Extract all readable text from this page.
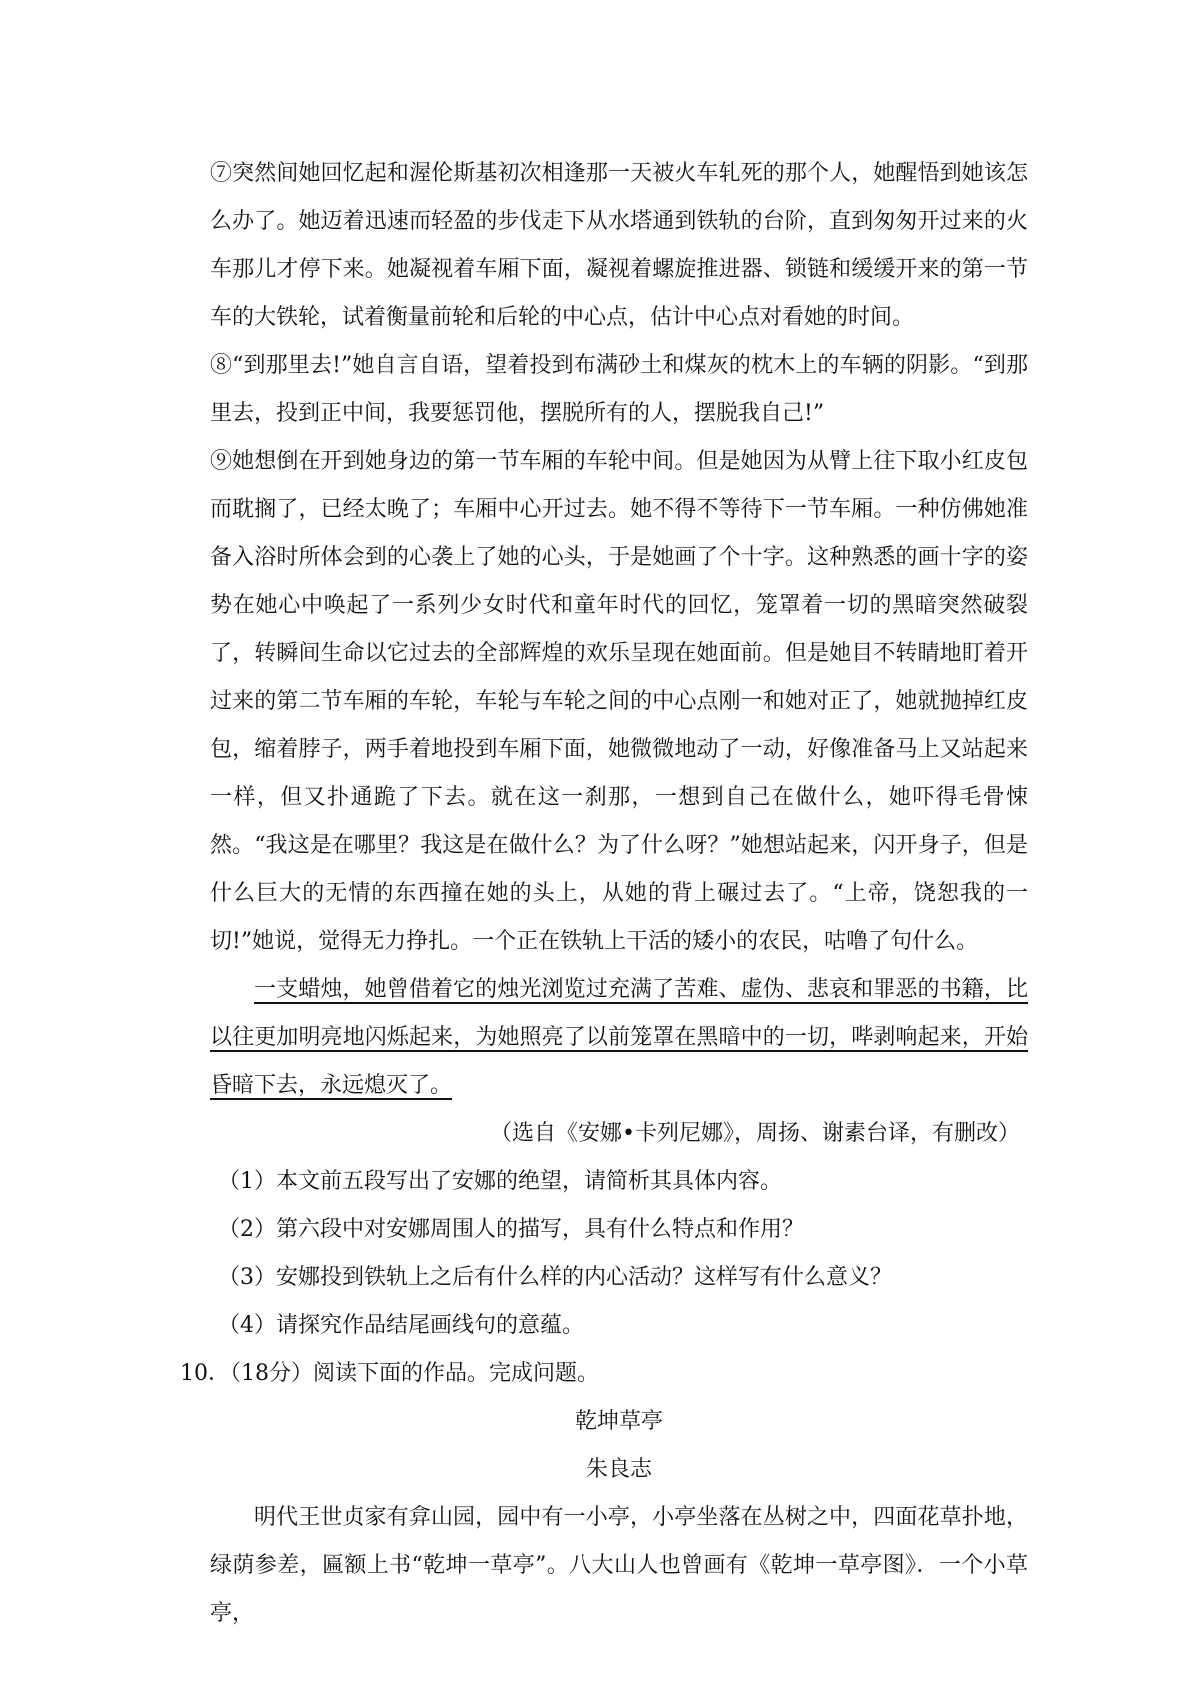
⑦突然间她回忆起和渥伦斯基初次相逢那一天被火车轧死的那个人，她醒悟到她该怎么办了。她迈着迅速而轻盈的步伐走下从水塔通到铁轨的台阶，直到匆匆开过来的火车那儿才停下来。她凝视着车厢下面，凝视着螺旋推进器、锁链和缓缓开来的第一节车的大铁轮，试着衡量前轮和后轮的中心点，估计中心点对看她的时间。

⑧“到那里去!”她自言自语，望着投到布满砂土和煤灰的枕木上的车辆的阴影。“到那里去，投到正中间，我要惩罚他，摆脱所有的人，摆脱我自己!”

⑨她想倒在开到她身边的第一节车厢的车轮中间。但是她因为从臂上往下取小红皮包而耽搁了，已经太晚了；车厢中心开过去。她不得不等待下一节车厢。一种仿佛她准备入浴时所体会到的心袭上了她的心头，于是她画了个十字。这种熟悉的画十字的姿势在她心中唤起了一系列少女时代和童年时代的回忆，笼罩着一切的黑暗突然破裂了，转瞬间生命以它过去的全部辉煌的欢乐呈现在她面前。但是她目不转睛地盯着开过来的第二节车厢的车轮，车轮与车轮之间的中心点刚一和她对正了，她就抛掉红皮包，缩着脖子，两手着地投到车厢下面，她微微地动了一动，好像准备马上又站起来一样，但又扑通跪了下去。就在这一刹那，一想到自己在做什么，她吓得毛骨悚然。“我这是在哪里？我这是在做什么？为了什么呀？”她想站起来，闪开身子，但是什么巨大的无情的东西撞在她的头上，从她的背上碾过去了。“上帝，饶恕我的一切!”她说，觉得无力挣扎。一个正在铁轨上干活的矮小的农民，咕噜了句什么。

一支蜡烛，她曾借着它的烛光浏览过充满了苦难、虚伪、悲哀和罪恶的书籍，比以往更加明亮地闪烁起来，为她照亮了以前笼罩在黑暗中的一切，哔剥响起来，开始昏暗下去，永远熄灭了。

（选自《安娜•卡列尼娜》，周扬、谢素台译，有删改）

（1）本文前五段写出了安娜的绝望，请简析其具体内容。

（2）第六段中对安娜周围人的描写，具有什么特点和作用？

（3）安娜投到铁轨上之后有什么样的内心活动？这样写有什么意义？

（4）请探究作品结尾画线句的意蕴。

10．（18分）阅读下面的作品。完成问题。

乾坤草亭

朱良志

明代王世贞家有弇山园，园中有一小亭，小亭坐落在丛树之中，四面花草扑地，绿荫参差，匾额上书“乾坤一草亭”。八大山人也曾画有《乾坤一草亭图》．一个小草亭，
